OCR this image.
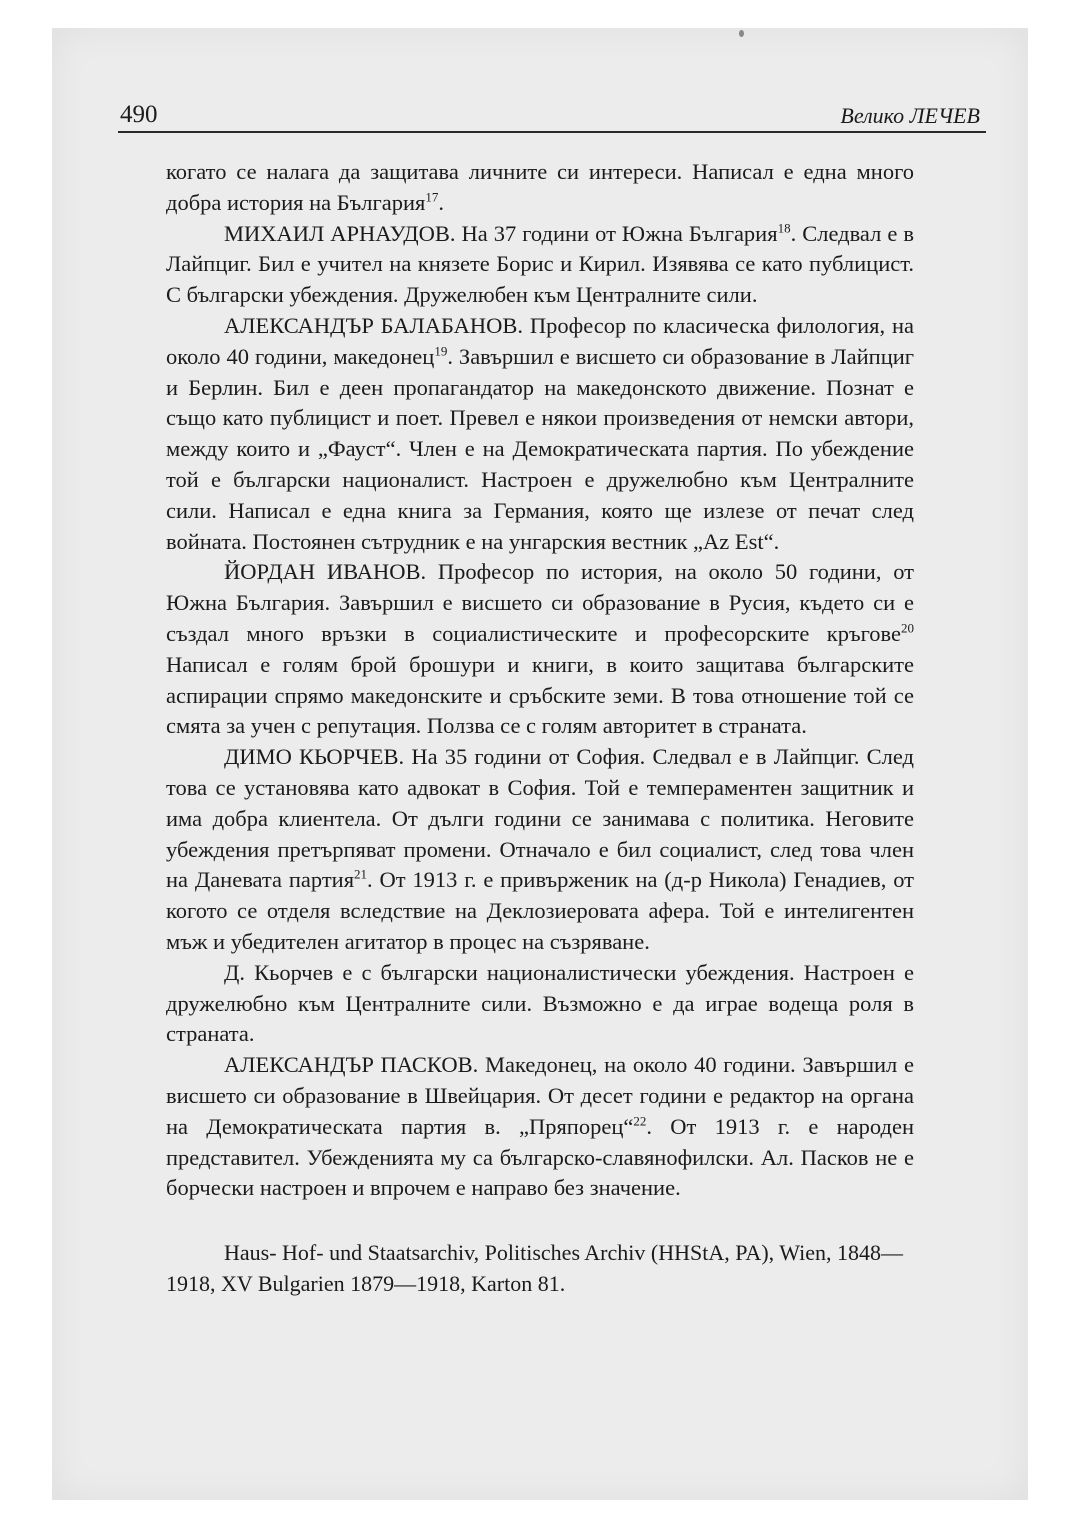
490	Велико ЛЕЧЕВ

когато се налага да защитава личните си интереси. Написал е една много добра история на България$^{17}$.

МИХАИЛ АРНАУДОВ. На 37 години от Южна България$^{18}$. Следвал е в Лайпциг. Бил е учител на князете Борис и Кирил. Изявява се като публицист. С български убеждения. Дружелюбен към Централните сили.

АЛЕКСАНДЪР БАЛАБАНОВ. Професор по класическа филология, на около 40 години, македонец$^{19}$. Завършил е висшето си образование в Лайпциг и Берлин. Бил е деен пропагандатор на македонското движение. Познат е също като публицист и поет. Превел е някои произведения от немски автори, между които и „Фауст“. Член е на Демократическата партия. По убеждение той е български националист. Настроен е дружелюбно към Централните сили. Написал е една книга за Германия, която ще излезе от печат след войната. Постоянен сътрудник е на унгарския вестник „Az Est“.

ЙОРДАН ИВАНОВ. Професор по история, на около 50 години, от Южна България. Завършил е висшето си образование в Русия, където си е създал много връзки в социалистическите и професорските кръгове$^{20}$ Написал е голям брой брошури и книги, в които защитава българските аспирации спрямо македонските и сръбските земи. В това отношение той се смята за учен с репутация. Ползва се с голям авторитет в страната.

ДИМО КЬОРЧЕВ. На 35 години от София. Следвал е в Лайпциг. След това се установява като адвокат в София. Той е темпераментен защитник и има добра клиентела. От дълги години се занимава с политика. Неговите убеждения претърпяват промени. Отначало е бил социалист, след това член на Даневата партия$^{21}$. От 1913 г. е привърженик на (д-р Никола) Генадиев, от когото се отделя вследствие на Деклозиеровата афера. Той е интелигентен мъж и убедителен агитатор в процес на съзряване.

Д. Кьорчев е с български националистически убеждения. Настроен е дружелюбно към Централните сили. Възможно е да играе водеща роля в страната.

АЛЕКСАНДЪР ПАСКОВ. Македонец, на около 40 години. Завършил е висшето си образование в Швейцария. От десет години е редактор на органа на Демократическата партия в. „Пряпорец“$^{22}$. От 1913 г. е народен представител. Убежденията му са българско-славянофилски. Ал. Пасков не е борчески настроен и впрочем е направо без значение.

Haus- Hof- und Staatsarchiv, Politisches Archiv (HHStA, PA), Wien, 1848—1918, XV Bulgarien 1879—1918, Karton 81.
